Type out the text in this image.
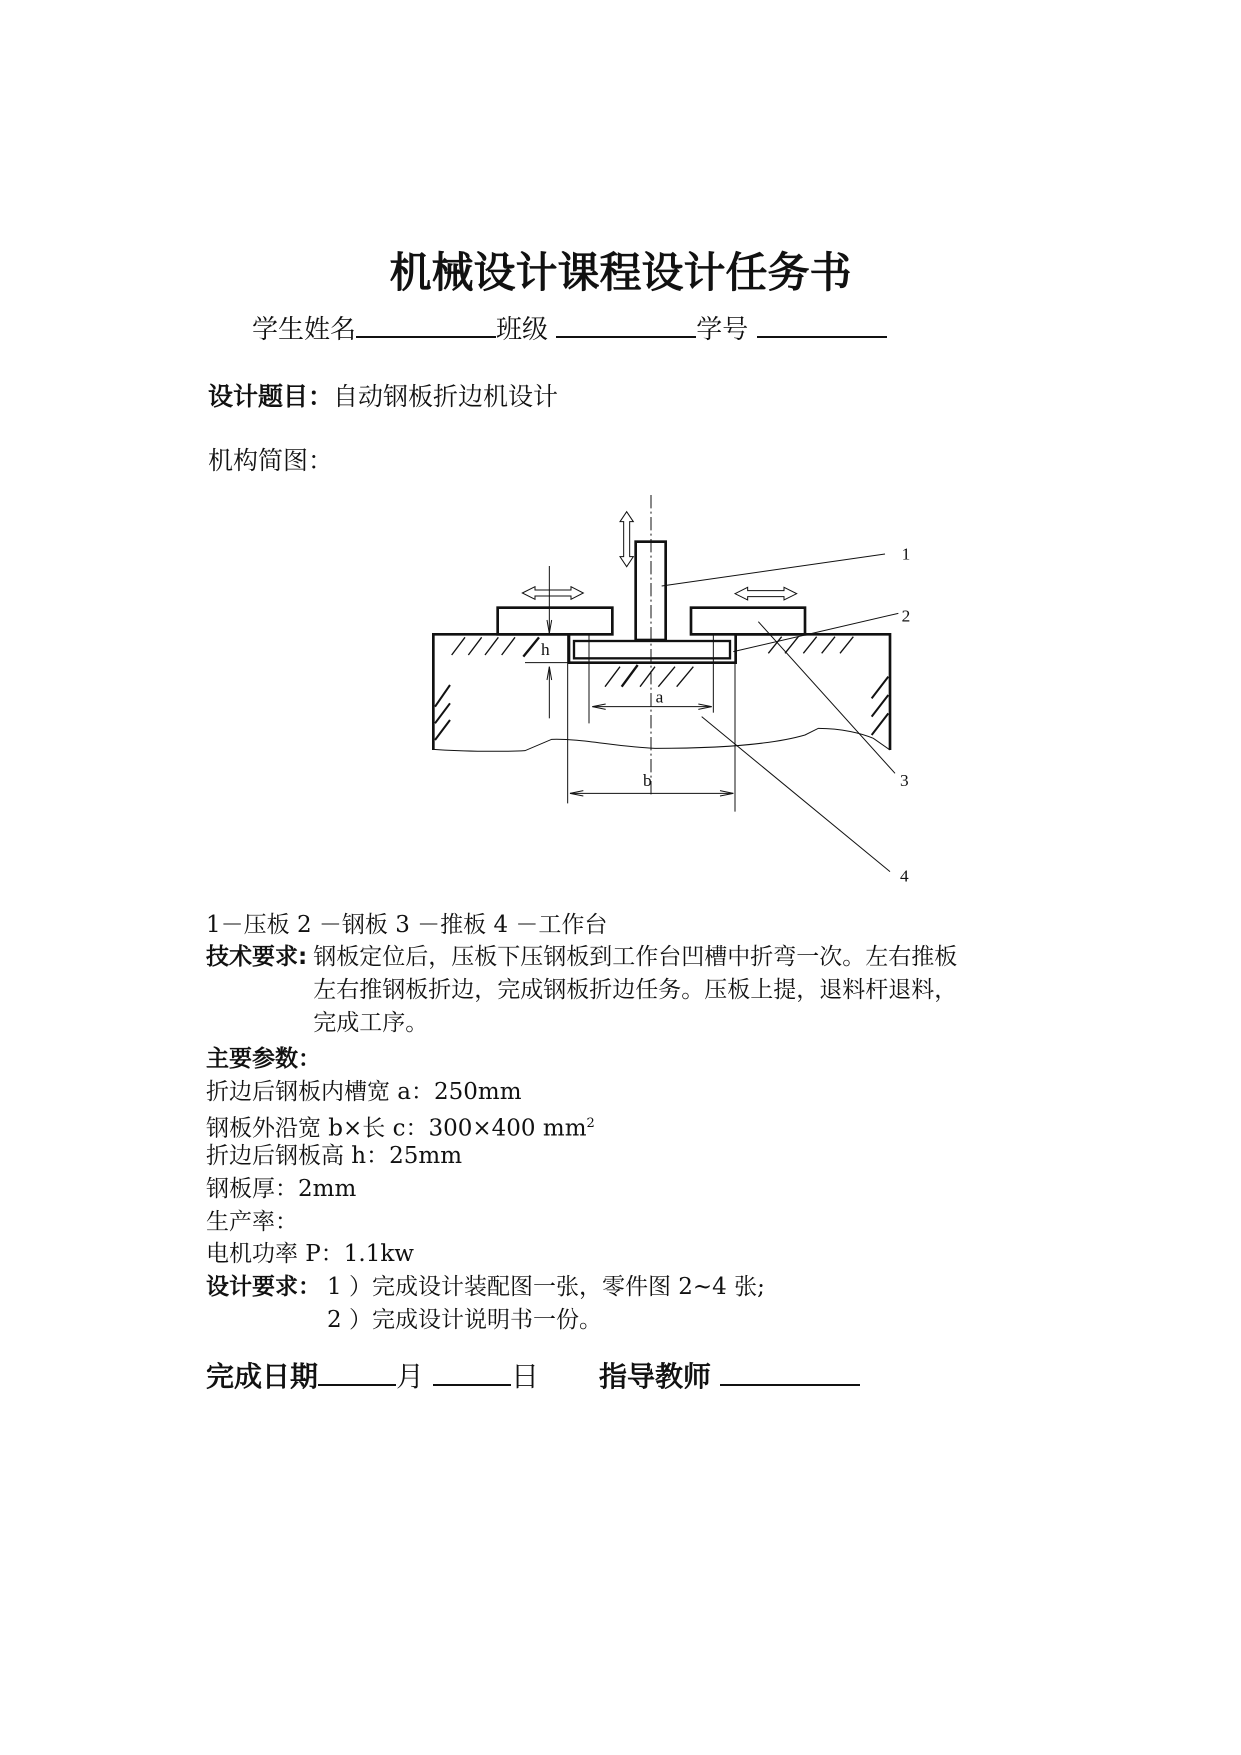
机械设计课程设计任务书
学生姓名	班级	学号
设计题目：自动钢板折边机设计
机构简图：
1
2
3
4
h
a
b
1－压板 2 －钢板 3 －推板 4 －工作台
技术要求: 钢板定位后，压板下压钢板到工作台凹槽中折弯一次。左右推板
左右推钢板折边，完成钢板折边任务。压板上提，退料杆退料，
完成工序。
主要参数：
折边后钢板内槽宽 a：250mm
钢板外沿宽 b×长 c：300×400 $mm^2$
折边后钢板高 h：25mm
钢板厚：2mm
生产率：
电机功率 P：1.1kw
设计要求： 1 ）完成设计装配图一张，零件图 2~4 张;
2 ）完成设计说明书一份。
完成日期	月	日 指导教师
